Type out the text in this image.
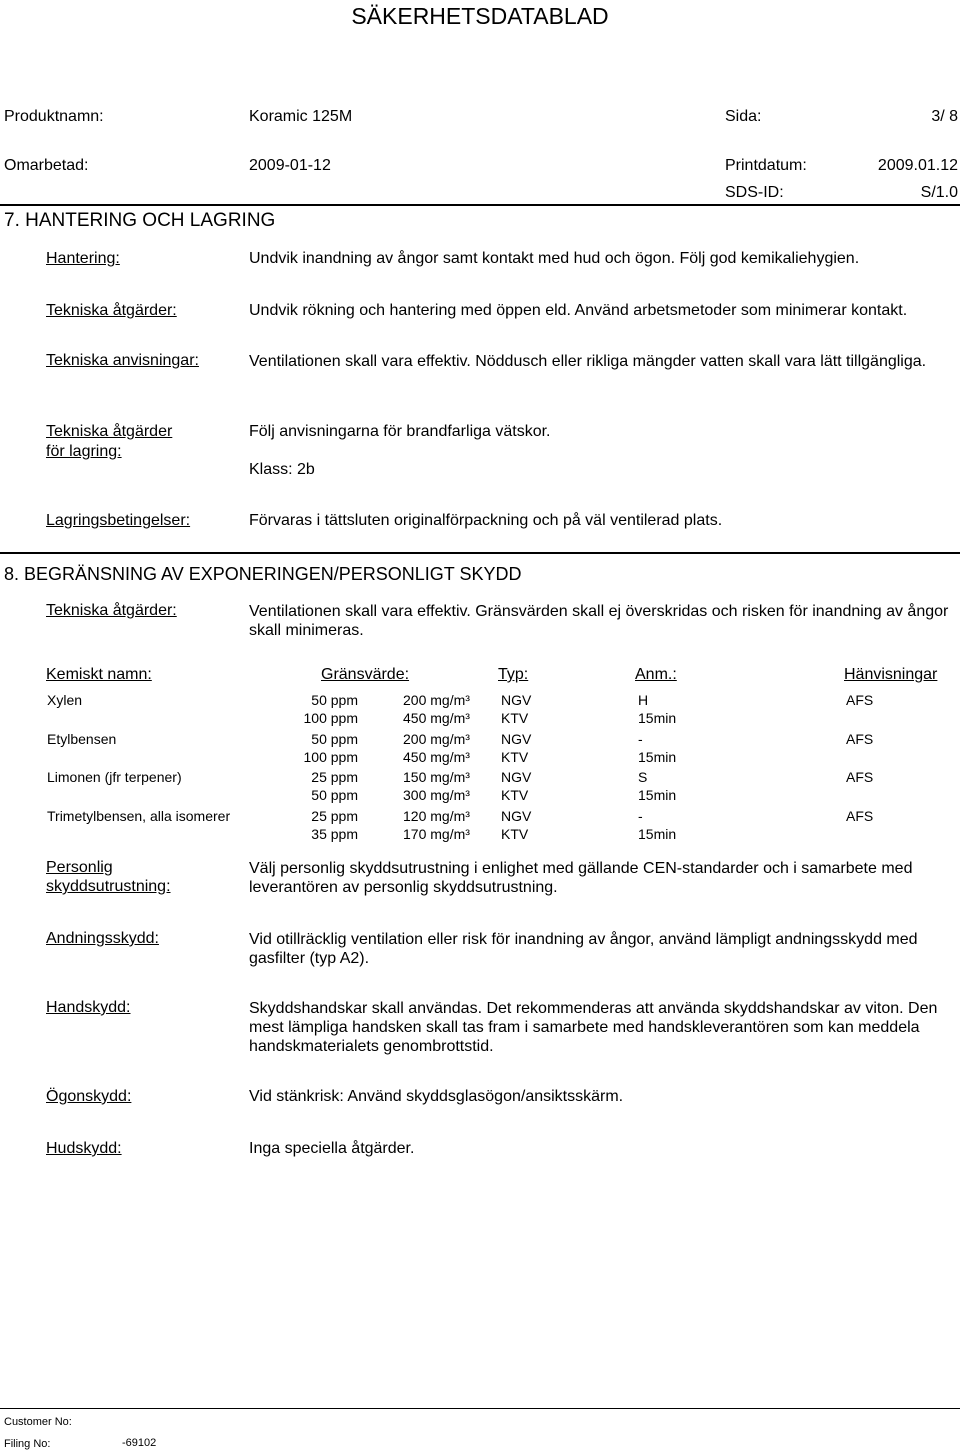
SÄKERHETSDATABLAD
Produktnamn:	Koramic 125M	Sida:	3/ 8
Omarbetad:	2009-01-12	Printdatum:	2009.01.12
SDS-ID:	S/1.0
7. HANTERING OCH LAGRING
Hantering:	Undvik inandning av ångor samt kontakt med hud och ögon. Följ god kemikaliehygien.
Tekniska åtgärder:	Undvik rökning och hantering med öppen eld. Använd arbetsmetoder som minimerar kontakt.
Tekniska anvisningar:	Ventilationen skall vara effektiv. Nöddusch eller rikliga mängder vatten skall vara lätt tillgängliga.
Tekniska åtgärder
för lagring:
Följ anvisningarna för brandfarliga vätskor.
Klass: 2b
Lagringsbetingelser:	Förvaras i tättsluten originalförpackning och på väl ventilerad plats.
8. BEGRÄNSNING AV EXPONERINGEN/PERSONLIGT SKYDD
Tekniska åtgärder:	Ventilationen skall vara effektiv. Gränsvärden skall ej överskridas och risken för inandning av ångor skall minimeras.
Kemiskt namn:	Gränsvärde:	Typ:	Anm.:	Hänvisningar
Xylen	50 ppm	200 mg/m³ NGV	H	AFS
100 ppm	450 mg/m³ KTV	15min
Etylbensen	50 ppm	200 mg/m³ NGV	-	AFS
100 ppm	450 mg/m³ KTV	15min
Limonen (jfr terpener)	25 ppm	150 mg/m³ NGV	S	AFS
50 ppm	300 mg/m³ KTV	15min
Trimetylbensen, alla isomerer	25 ppm	120 mg/m³ NGV	-	AFS
35 ppm	170 mg/m³ KTV	15min
Personlig
skyddsutrustning:
Välj personlig skyddsutrustning i enlighet med gällande CEN-standarder och i samarbete med leverantören av personlig skyddsutrustning.
Andningsskydd:	Vid otillräcklig ventilation eller risk för inandning av ångor, använd lämpligt andningsskydd med gasfilter (typ A2).
Handskydd:	Skyddshandskar skall användas. Det rekommenderas att använda skyddshandskar av viton. Den mest lämpliga handsken skall tas fram i samarbete med handskleverantören som kan meddela handskmaterialets genombrottstid.
Ögonskydd:	Vid stänkrisk: Använd skyddsglasögon/ansiktsskärm.
Hudskydd:	Inga speciella åtgärder.
Customer No:
Filing No:	-69102
